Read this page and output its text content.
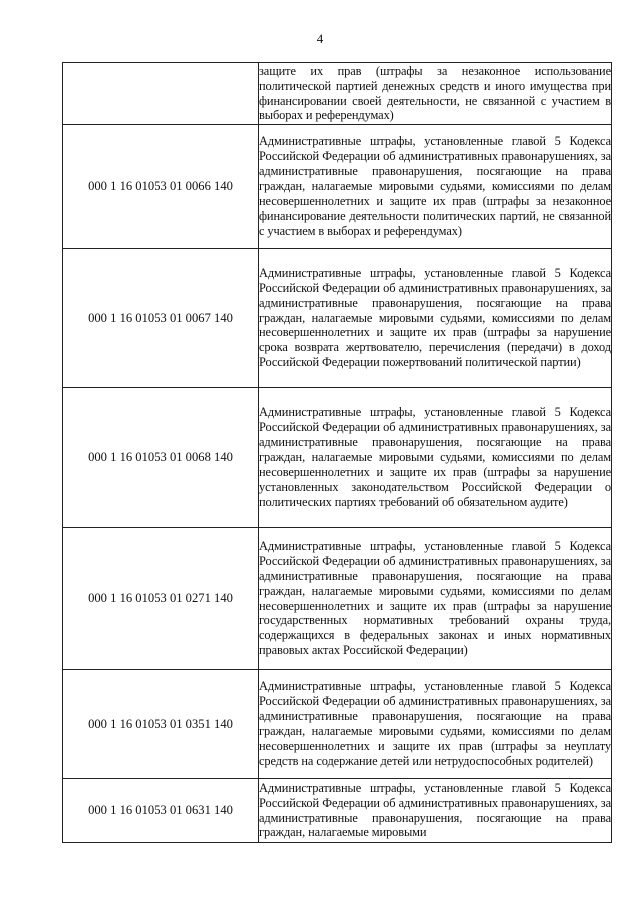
4
	защите их прав (штрафы за незаконное использование политической партией денежных средств и иного имущества при финансировании своей деятельности, не связанной с участием в выборах и референдумах)
000 1 16 01053 01 0066 140	Административные штрафы, установленные главой 5 Кодекса Российской Федерации об административных правонарушениях, за административные правонарушения, посягающие на права граждан, налагаемые мировыми судьями, комиссиями по делам несовершеннолетних и защите их прав (штрафы за незаконное финансирование деятельности политических партий, не связанной с участием в выборах и референдумах)
000 1 16 01053 01 0067 140	Административные штрафы, установленные главой 5 Кодекса Российской Федерации об административных правонарушениях, за административные правонарушения, посягающие на права граждан, налагаемые мировыми судьями, комиссиями по делам несовершеннолетних и защите их прав (штрафы за нарушение срока возврата жертвователю, перечисления (передачи) в доход Российской Федерации пожертвований политической партии)
000 1 16 01053 01 0068 140	Административные штрафы, установленные главой 5 Кодекса Российской Федерации об административных правонарушениях, за административные правонарушения, посягающие на права граждан, налагаемые мировыми судьями, комиссиями по делам несовершеннолетних и защите их прав (штрафы за нарушение установленных законодательством Российской Федерации о политических партиях требований об обязательном аудите)
000 1 16 01053 01 0271 140	Административные штрафы, установленные главой 5 Кодекса Российской Федерации об административных правонарушениях, за административные правонарушения, посягающие на права граждан, налагаемые мировыми судьями, комиссиями по делам несовершеннолетних и защите их прав (штрафы за нарушение государственных нормативных требований охраны труда, содержащихся в федеральных законах и иных нормативных правовых актах Российской Федерации)
000 1 16 01053 01 0351 140	Административные штрафы, установленные главой 5 Кодекса Российской Федерации об административных правонарушениях, за административные правонарушения, посягающие на права граждан, налагаемые мировыми судьями, комиссиями по делам несовершеннолетних и защите их прав (штрафы за неуплату средств на содержание детей или нетрудоспособных родителей)
000 1 16 01053 01 0631 140	Административные штрафы, установленные главой 5 Кодекса Российской Федерации об административных правонарушениях, за административные правонарушения, посягающие на права граждан, налагаемые мировыми
